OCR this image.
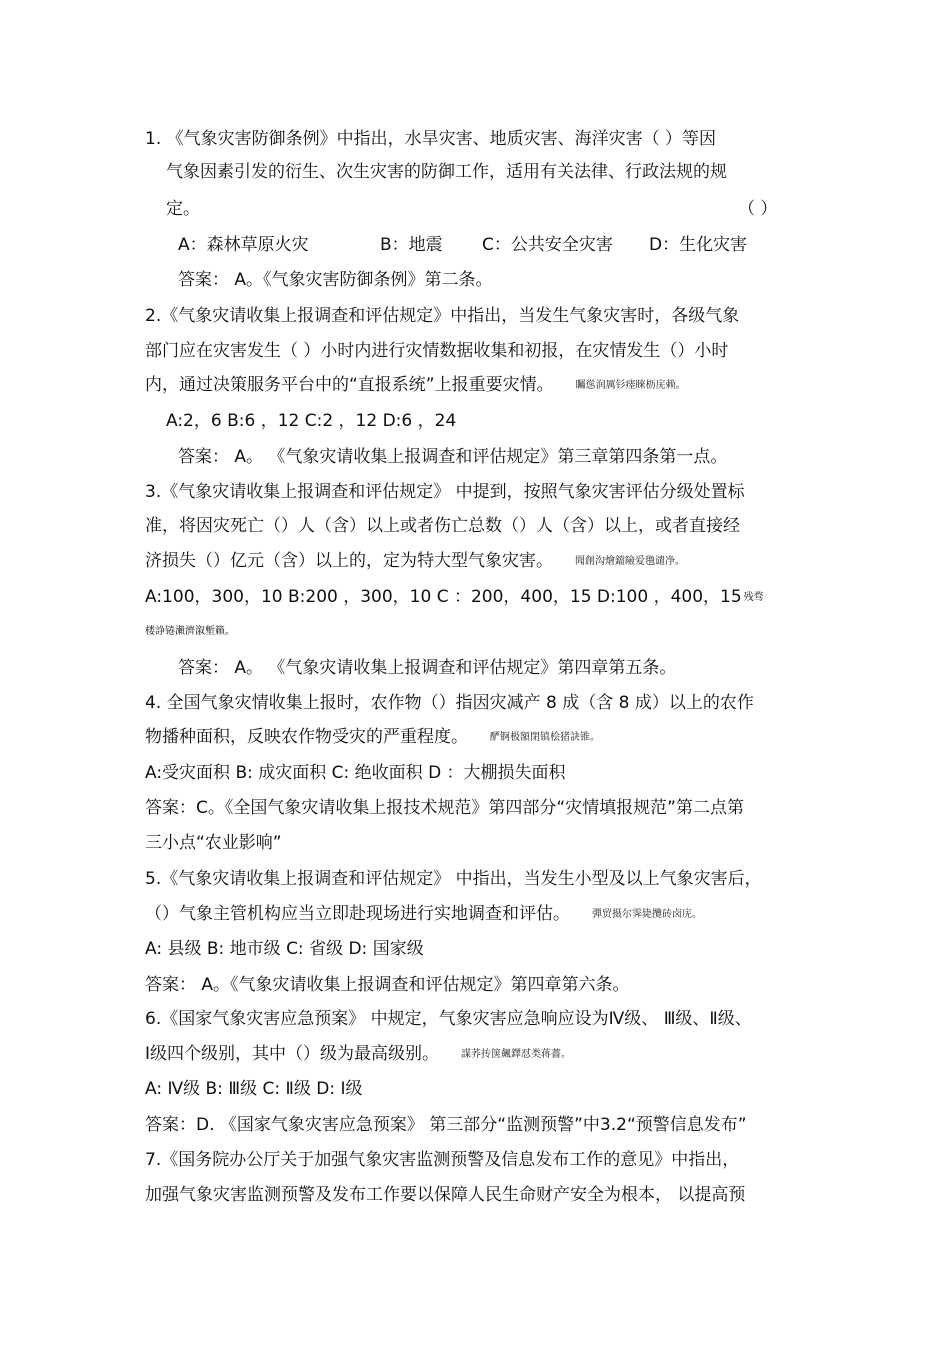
1. 《气象灾害防御条例》中指出，水旱灾害、地质灾害、海洋灾害（ ）等因
气象因素引发的衍生、次生灾害的防御工作，适用有关法律、行政法规的规
定。	（ ）
A：森林草原火灾	B：地震 C：公共安全灾害 D：生化灾害
答案： A。《气象灾害防御条例》第二条。
2.《气象灾请收集上报调查和评估规定》中指出，当发生气象灾害时，各级气象
部门应在灾害发生（ ）小时内进行灾情数据收集和初报，在灾情发生（）小时
内，通过决策服务平台中的“直报系统”上报重要灾情。 矚慫润厲钐瘗睞枥庑赖。
A:2，6 B:6 ，12 C:2 ，12 D:6 ，24
答案： A。 《气象灾请收集上报调查和评估规定》第三章第四条第一点。
3.《气象灾请收集上报调查和评估规定》 中提到，按照气象灾害评估分级处置标
准，将因灾死亡（）人（含）以上或者伤亡总数（）人（含）以上，或者直接经
济损失（）亿元（含）以上的，定为特大型气象灾害。 聞創沟燴鐺險爱氇谴净。
A:100，300，10 B:200 ，300，10 C ：200，400，15 D:100 ，400，15 残骛
楼諍锩瀨濟溆塹籟。
答案： A。 《气象灾请收集上报调查和评估规定》第四章第五条。
4. 全国气象灾情收集上报时，农作物（）指因灾减产 8 成（含 8 成）以上的农作
物播种面积，反映农作物受灾的严重程度。 酽锕极額閉镇桧猪訣锥。
A:受灾面积 B: 成灾面积 C: 绝收面积 D ：大棚损失面积
答案：C。《全国气象灾请收集上报技术规范》第四部分“灾情填报规范”第二点第
三小点“农业影响”
5.《气象灾请收集上报调查和评估规定》 中指出，当发生小型及以上气象灾害后，
（）气象主管机构应当立即赴现场进行实地调查和评估。 彈贸摄尔霁毙攬砖卤庑。
A: 县级 B: 地市级 C: 省级 D: 国家级
答案： A。《气象灾请收集上报调查和评估规定》第四章第六条。
6.《国家气象灾害应急预案》 中规定，气象灾害应急响应设为Ⅳ级、 Ⅲ级、Ⅱ级、
Ⅰ级四个级别，其中（）级为最高级别。 謀荞抟箧飆鐸怼类蒋薔。
A: Ⅳ级 B: Ⅲ级 C: Ⅱ级 D: Ⅰ级
答案：D. 《国家气象灾害应急预案》 第三部分“监测预警”中3.2“预警信息发布”
7.《国务院办公厅关于加强气象灾害监测预警及信息发布工作的意见》中指出，
加强气象灾害监测预警及发布工作要以保障人民生命财产安全为根本， 以提高预
